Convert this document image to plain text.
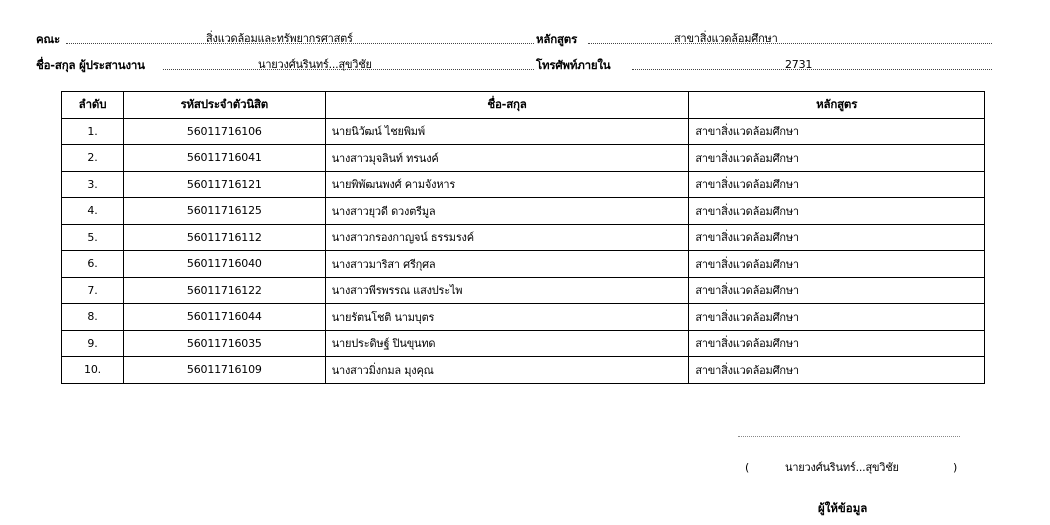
คณะ	สิ่งแวดล้อมและทรัพยากรศาสตร์	หลักสูตร	สาขาสิ่งแวดล้อมศึกษา
ชื่อ-สกุล ผู้ประสานงาน	นายวงศ์นรินทร์...สุขวิชัย	โทรศัพท์ภายใน	2731
ลำดับ	รหัสประจำตัวนิสิต	ชื่อ-สกุล	หลักสูตร
1.	56011716106	นายนิวัฒน์ ไชยพิมพ์	สาขาสิ่งแวดล้อมศึกษา
2.	56011716041	นางสาวมุจลินท์ ทรนงค์	สาขาสิ่งแวดล้อมศึกษา
3.	56011716121	นายพิพัฒนพงศ์ คามจังหาร	สาขาสิ่งแวดล้อมศึกษา
4.	56011716125	นางสาวยุวดี ดวงตรีมูล	สาขาสิ่งแวดล้อมศึกษา
5.	56011716112	นางสาวกรองกาญจน์ ธรรมรงค์	สาขาสิ่งแวดล้อมศึกษา
6.	56011716040	นางสาวมาริสา ศรีกุศล	สาขาสิ่งแวดล้อมศึกษา
7.	56011716122	นางสาวพีรพรรณ แสงประไพ	สาขาสิ่งแวดล้อมศึกษา
8.	56011716044	นายรัตนโชติ นามบุตร	สาขาสิ่งแวดล้อมศึกษา
9.	56011716035	นายประดิษฐ์ ปินขุนทด	สาขาสิ่งแวดล้อมศึกษา
10.	56011716109	นางสาวมิ่งกมล มุงคุณ	สาขาสิ่งแวดล้อมศึกษา
(	นายวงศ์นรินทร์...สุขวิชัย	)
ผู้ให้ข้อมูล
